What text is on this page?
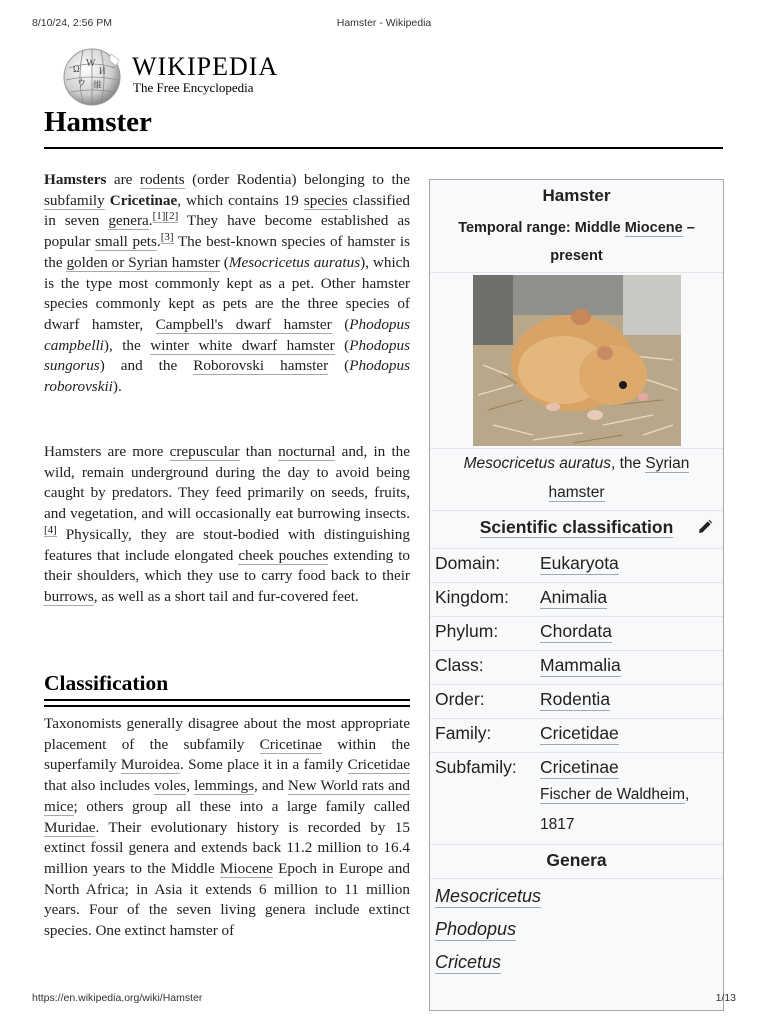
8/10/24, 2:56 PM	Hamster - Wikipedia
Ω W
И
ウ 維
WIKIPEDIA
The Free Encyclopedia
Hamster

Hamsters are rodents (order Rodentia) belonging to the subfamily Cricetinae, which contains 19 species classified in seven genera.[1][2] They have become established as popular small pets.[3] The best-known species of hamster is the golden or Syrian hamster (Mesocricetus auratus), which is the type most commonly kept as a pet. Other hamster species commonly kept as pets are the three species of dwarf hamster, Campbell's dwarf hamster (Phodopus campbelli), the winter white dwarf hamster (Phodopus sungorus) and the Roborovski hamster (Phodopus roborovskii).

Hamsters are more crepuscular than nocturnal and, in the wild, remain underground during the day to avoid being caught by predators. They feed primarily on seeds, fruits, and vegetation, and will occasionally eat burrowing insects.[4] Physically, they are stout-bodied with distinguishing features that include elongated cheek pouches extending to their shoulders, which they use to carry food back to their burrows, as well as a short tail and fur-covered feet.

Classification

Taxonomists generally disagree about the most appropriate placement of the subfamily Cricetinae within the superfamily Muroidea. Some place it in a family Cricetidae that also includes voles, lemmings, and New World rats and mice; others group all these into a large family called Muridae. Their evolutionary history is recorded by 15 extinct fossil genera and extends back 11.2 million to 16.4 million years to the Middle Miocene Epoch in Europe and North Africa; in Asia it extends 6 million to 11 million years. Four of the seven living genera include extinct species. One extinct hamster of

Hamster
Temporal range: Middle Miocene – present
Mesocricetus auratus, the Syrian hamster
Scientific classification
Domain: Eukaryota
Kingdom: Animalia
Phylum: Chordata
Class:	Mammalia
Order:	Rodentia
Family:	Cricetidae
Subfamily: Cricetinae
Fischer de Waldheim, 1817
Genera
Mesocricetus
Phodopus
Cricetus
https://en.wikipedia.org/wiki/Hamster	1/13
